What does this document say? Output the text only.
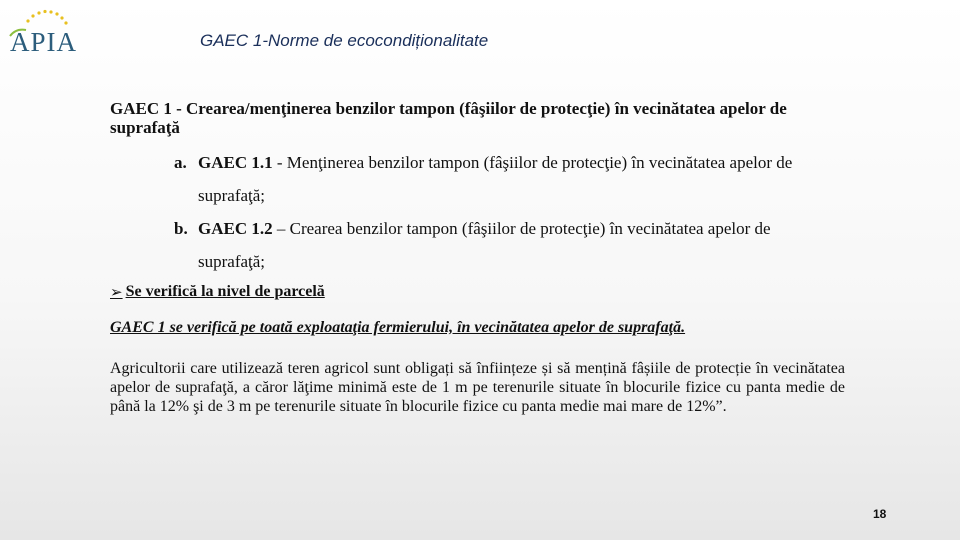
APIA	GAEC 1-Norme de ecocondiționalitate

GAEC 1 - Crearea/menţinerea benzilor tampon (fâşiilor de protecţie) în vecinătatea apelor de suprafaţă

a. GAEC 1.1 - Menţinerea benzilor tampon (fâşiilor de protecţie) în vecinătatea apelor de suprafaţă;
b. GAEC 1.2 – Crearea benzilor tampon (fâşiilor de protecţie) în vecinătatea apelor de suprafaţă;
➢ Se verifică la nivel de parcelă
GAEC 1 se verifică pe toată exploataţia fermierului, în vecinătatea apelor de suprafaţă.
Agricultorii care utilizează teren agricol sunt obligați să înființeze și să mențină fâșiile de protecție în vecinătatea apelor de suprafaţă, a căror lăţime minimă este de 1 m pe terenurile situate în blocurile fizice cu panta medie de până la 12% şi de 3 m pe terenurile situate în blocurile fizice cu panta medie mai mare de 12%”.
18
